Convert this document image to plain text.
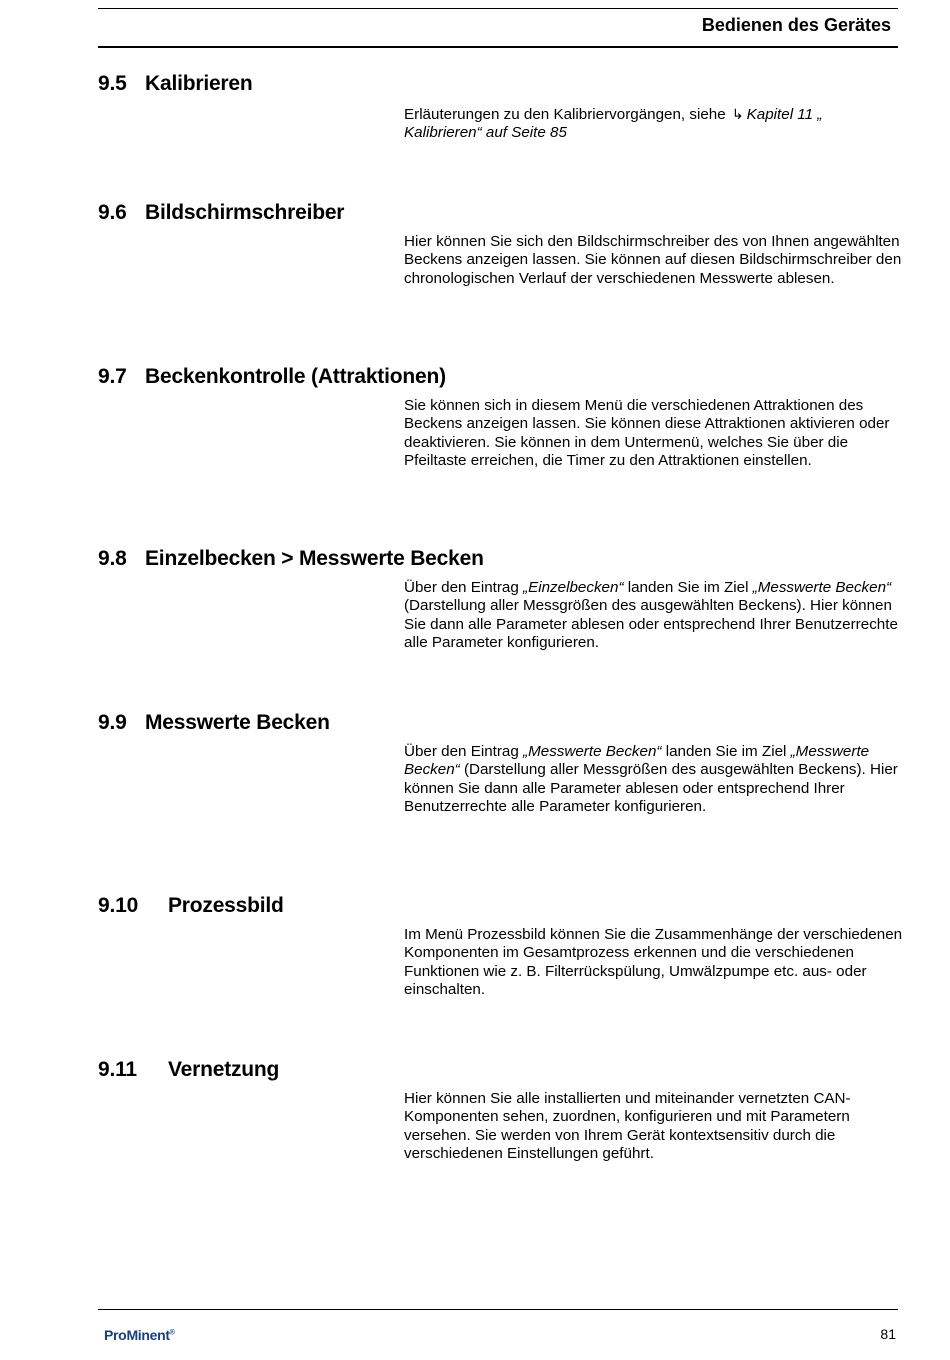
Bedienen des Gerätes
9.5 Kalibrieren

Erläuterungen zu den Kalibriervorgängen, siehe ↳ Kapitel 11 „ Kalibrieren“ auf Seite 85

9.6 Bildschirmschreiber

Hier können Sie sich den Bildschirmschreiber des von Ihnen angewählten Beckens anzeigen lassen. Sie können auf diesen Bildschirmschreiber den chronologischen Verlauf der verschiedenen Messwerte ablesen.

9.7 Beckenkontrolle (Attraktionen)

Sie können sich in diesem Menü die verschiedenen Attraktionen des Beckens anzeigen lassen. Sie können diese Attraktionen aktivieren oder deaktivieren. Sie können in dem Untermenü, welches Sie über die Pfeiltaste erreichen, die Timer zu den Attraktionen einstellen.

9.8 Einzelbecken > Messwerte Becken

Über den Eintrag „Einzelbecken“ landen Sie im Ziel „Messwerte Becken“ (Darstellung aller Messgrößen des ausgewählten Beckens). Hier können Sie dann alle Parameter ablesen oder entsprechend Ihrer Benutzerrechte alle Parameter konfigurieren.

9.9 Messwerte Becken

Über den Eintrag „Messwerte Becken“ landen Sie im Ziel „Messwerte Becken“ (Darstellung aller Messgrößen des ausgewählten Beckens). Hier können Sie dann alle Parameter ablesen oder entsprechend Ihrer Benutzerrechte alle Parameter konfigurieren.

9.10 Prozessbild

Im Menü Prozessbild können Sie die Zusammenhänge der verschiedenen Komponenten im Gesamtprozess erkennen und die verschiedenen Funktionen wie z. B. Filterrückspülung, Umwälzpumpe etc. aus- oder einschalten.

9.11 Vernetzung

Hier können Sie alle installierten und miteinander vernetzten CAN-Komponenten sehen, zuordnen, konfigurieren und mit Parametern versehen. Sie werden von Ihrem Gerät kontextsensitiv durch die verschiedenen Einstellungen geführt.

ProMinent®	81
